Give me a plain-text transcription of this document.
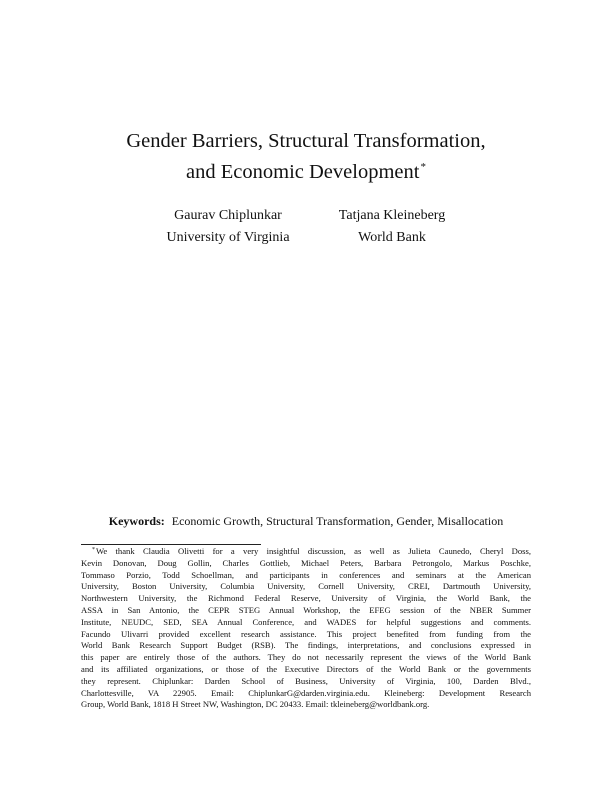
Gender Barriers, Structural Transformation,
and Economic Development*
Gaurav Chiplunkar
University of Virginia
Tatjana Kleineberg
World Bank
Keywords: Economic Growth, Structural Transformation, Gender, Misallocation
*We thank Claudia Olivetti for a very insightful discussion, as well as Julieta Caunedo, Cheryl Doss,
Kevin Donovan, Doug Gollin, Charles Gottlieb, Michael Peters, Barbara Petrongolo, Markus Poschke,
Tommaso Porzio, Todd Schoellman, and participants in conferences and seminars at the American
University, Boston University, Columbia University, Cornell University, CREI, Dartmouth University,
Northwestern University, the Richmond Federal Reserve, University of Virginia, the World Bank, the
ASSA in San Antonio, the CEPR STEG Annual Workshop, the EFEG session of the NBER Summer
Institute, NEUDC, SED, SEA Annual Conference, and WADES for helpful suggestions and comments.
Facundo Ulivarri provided excellent research assistance. This project benefited from funding from the
World Bank Research Support Budget (RSB). The findings, interpretations, and conclusions expressed in
this paper are entirely those of the authors. They do not necessarily represent the views of the World Bank
and its affiliated organizations, or those of the Executive Directors of the World Bank or the governments
they represent. Chiplunkar: Darden School of Business, University of Virginia, 100, Darden Blvd.,
Charlottesville, VA 22905. Email: ChiplunkarG@darden.virginia.edu. Kleineberg: Development Research
Group, World Bank, 1818 H Street NW, Washington, DC 20433. Email: tkleineberg@worldbank.org.
